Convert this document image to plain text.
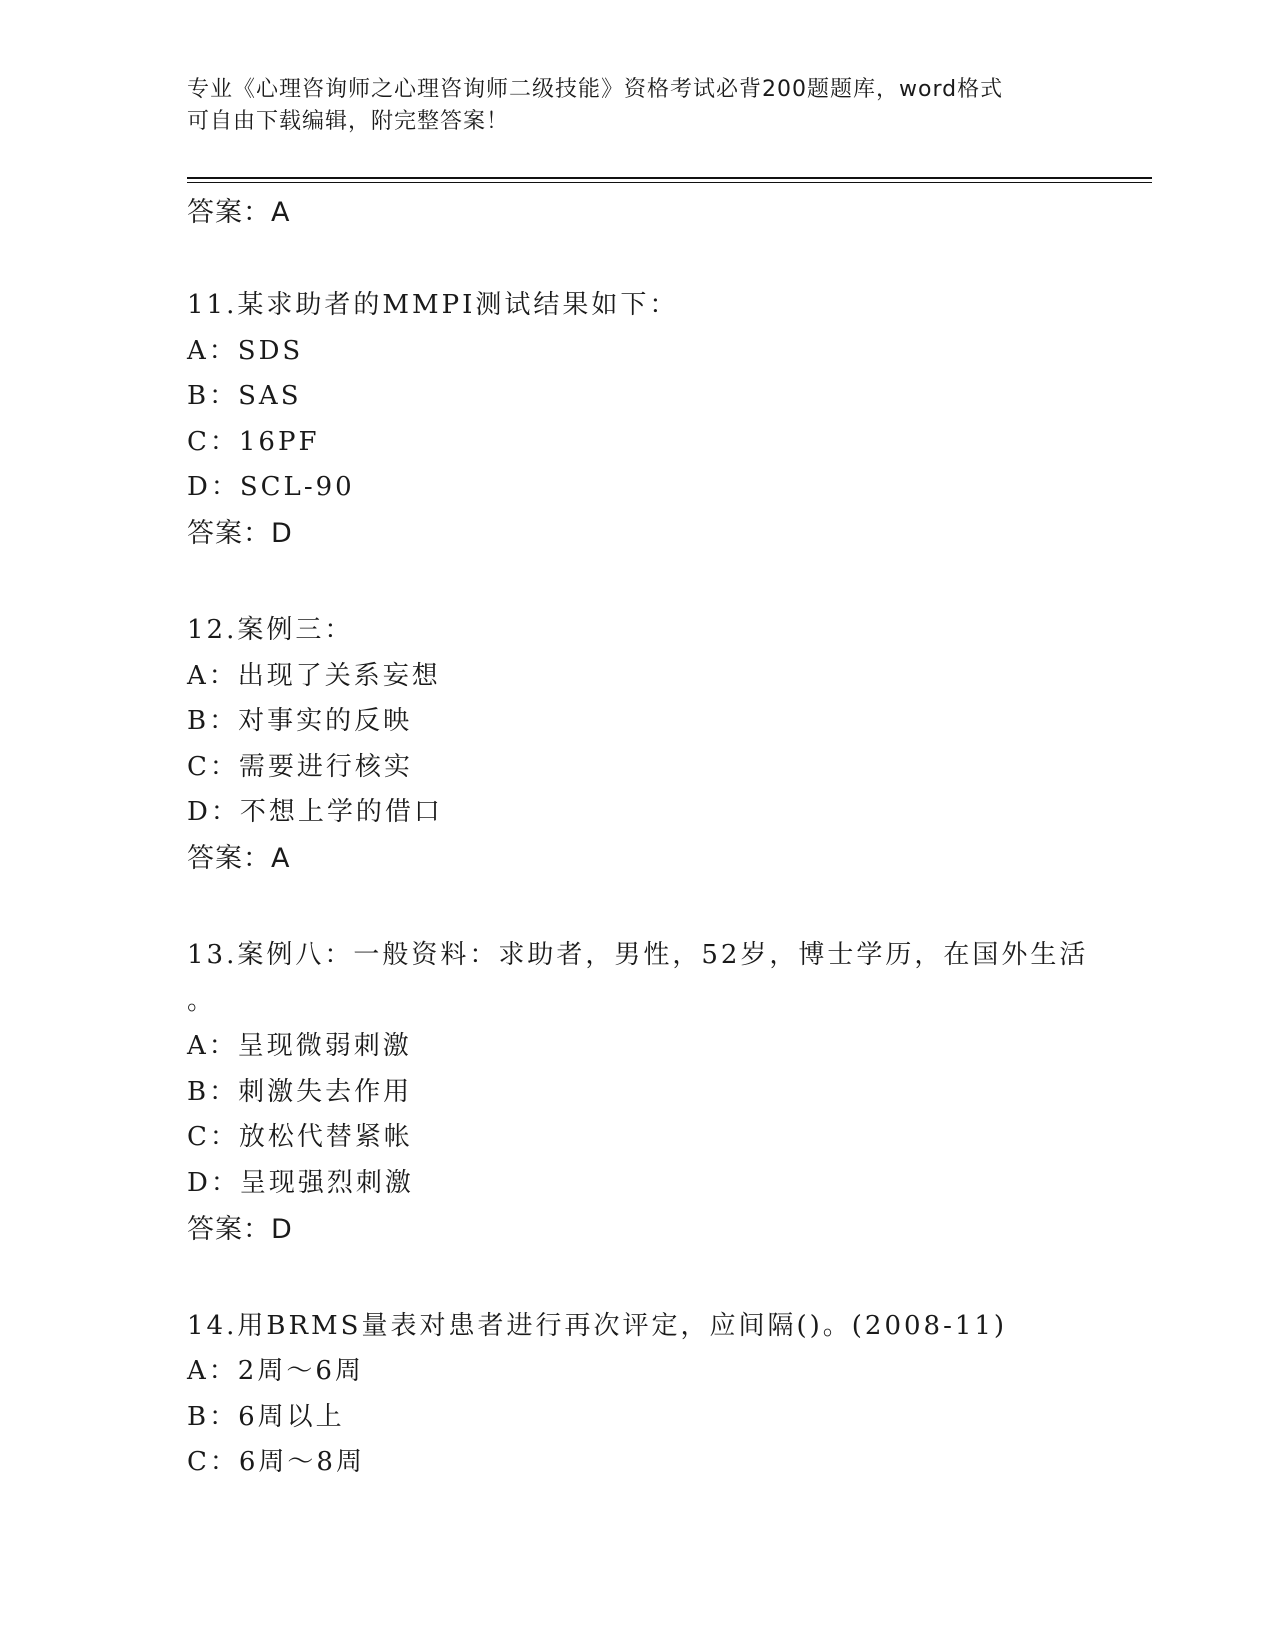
专业《心理咨询师之心理咨询师二级技能》资格考试必背200题题库，word格式
可自由下载编辑，附完整答案！
答案：A
11.某求助者的MMPI测试结果如下：
A：SDS
B：SAS
C：16PF
D：SCL-90
答案：D
12.案例三：
A：出现了关系妄想
B：对事实的反映
C：需要进行核实
D：不想上学的借口
答案：A
13.案例八：一般资料：求助者，男性，52岁，博士学历，在国外生活
。
A：呈现微弱刺激
B：刺激失去作用
C：放松代替紧帐
D：呈现强烈刺激
答案：D
14.用BRMS量表对患者进行再次评定，应间隔()。(2008-11)
A：2周～6周
B：6周以上
C：6周～8周
